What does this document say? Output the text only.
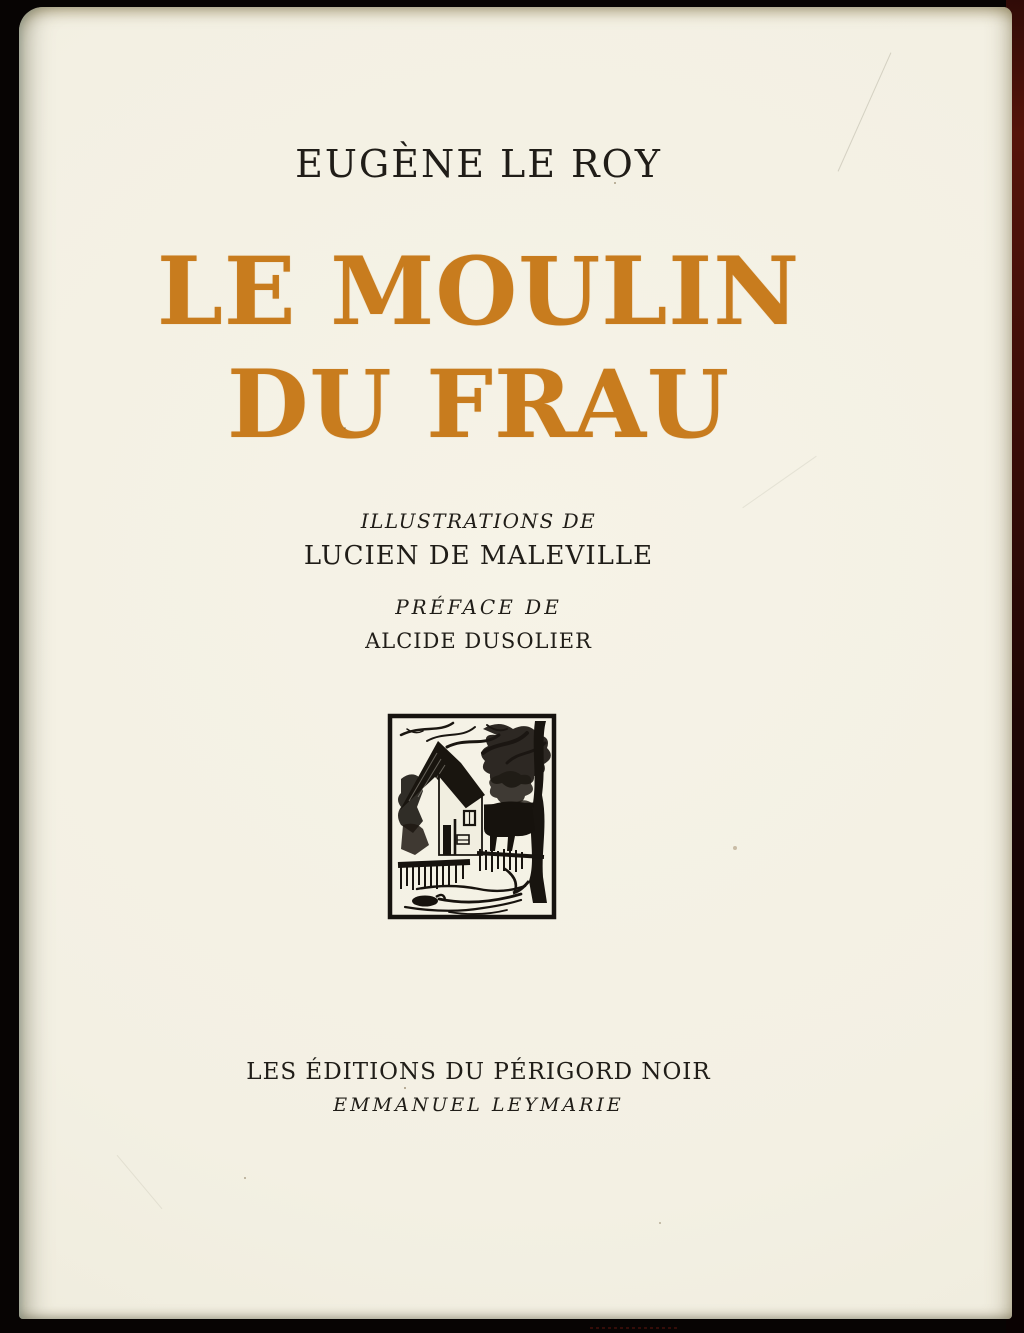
EUGÈNE LE ROY
LE MOULIN
DU FRAU
ILLUSTRATIONS DE
LUCIEN DE MALEVILLE
PRÉFACE DE
ALCIDE DUSOLIER
LES ÉDITIONS DU PÉRIGORD NOIR
EMMANUEL LEYMARIE
